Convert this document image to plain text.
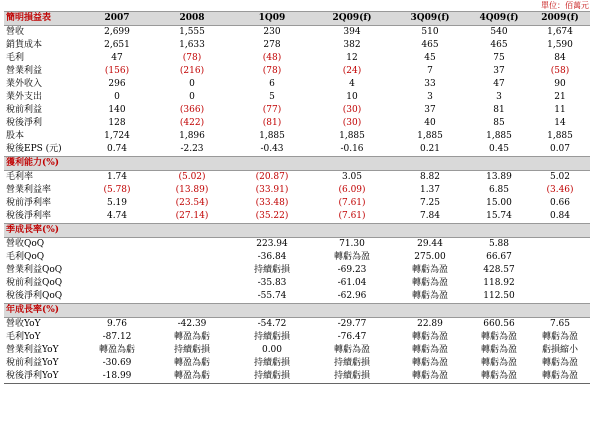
單位：佰萬元
簡明損益表	2007	2008	1Q09	2Q09(f)	3Q09(f)	4Q09(f)	2009(f)
營收	2,699	1,555	230	394	510	540	1,674
銷貨成本	2,651	1,633	278	382	465	465	1,590
毛利	47	(78)	(48)	12	45	75	84
營業利益	(156)	(216)	(78)	(24)	7	37	(58)
業外收入	296	0	6	4	33	47	90
業外支出	0	0	5	10	3	3	21
稅前利益	140	(366)	(77)	(30)	37	81	11
稅後淨利	128	(422)	(81)	(30)	40	85	14
股本	1,724	1,896	1,885	1,885	1,885	1,885	1,885
稅後EPS (元)	0.74	-2.23	-0.43	-0.16	0.21	0.45	0.07
獲利能力(%)							
毛利率	1.74	(5.02)	(20.87)	3.05	8.82	13.89	5.02
營業利益率	(5.78)	(13.89)	(33.91)	(6.09)	1.37	6.85	(3.46)
稅前淨利率	5.19	(23.54)	(33.48)	(7.61)	7.25	15.00	0.66
稅後淨利率	4.74	(27.14)	(35.22)	(7.61)	7.84	15.74	0.84
季成長率(%)							
營收QoQ			223.94	71.30	29.44	5.88	
毛利QoQ			-36.84	轉虧為盈	275.00	66.67	
營業利益QoQ			持續虧損	-69.23	轉虧為盈	428.57	
稅前利益QoQ			-35.83	-61.04	轉虧為盈	118.92	
稅後淨利QoQ			-55.74	-62.96	轉虧為盈	112.50	
年成長率(%)							
營收YoY	9.76	-42.39	-54.72	-29.77	22.89	660.56	7.65
毛利YoY	-87.12	轉盈為虧	持續虧損	-76.47	轉虧為盈	轉虧為盈	轉虧為盈
營業利益YoY	轉盈為虧	持續虧損	0.00	轉虧為盈	轉虧為盈	轉虧為盈	虧損縮小
稅前利益YoY	-30.69	轉盈為虧	持續虧損	持續虧損	轉虧為盈	轉虧為盈	轉虧為盈
稅後淨利YoY	-18.99	轉盈為虧	持續虧損	持續虧損	轉虧為盈	轉虧為盈	轉虧為盈
